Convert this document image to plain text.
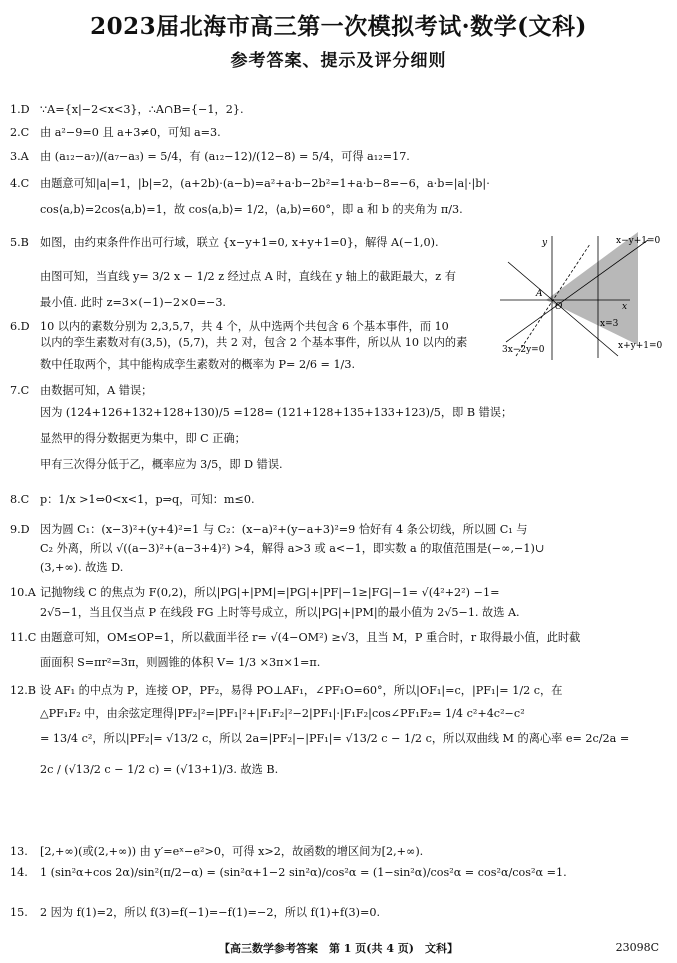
2023届北海市高三第一次模拟考试·数学(文科)
参考答案、提示及评分细则
1.D ∵A={x|−2<x<3}，∴A∩B={−1，2}.
2.C 由 a²−9=0 且 a+3≠0，可知 a=3.
3.A 由 (a₁₂−a₇)/(a₇−a₃) = 5/4，有 (a₁₂−12)/(12−8) = 5/4，可得 a₁₂=17.
4.C 由题意可知|a|=1，|b|=2，(a+2b)·(a−b)=a²+a·b−2b²=1+a·b−8=−6，a·b=|a|·|b|·
cos⟨a,b⟩=2cos⟨a,b⟩=1，故 cos⟨a,b⟩= 1/2，⟨a,b⟩=60°，即 a 和 b 的夹角为 π/3.
5.B 如图，由约束条件作出可行域，联立 {x−y+1=0, x+y+1=0}，解得 A(−1,0).
由图可知，当直线 y= 3/2 x − 1/2 z 经过点 A 时，直线在 y 轴上的截距最大，z 有
最小值. 此时 z=3×(−1)−2×0=−3.
6.D 10 以内的素数分别为 2,3,5,7，共 4 个，从中选两个共包含 6 个基本事件，而 10
以内的孪生素数对有(3,5)，(5,7)，共 2 对，包含 2 个基本事件，所以从 10 以内的素
数中任取两个，其中能构成孪生素数对的概率为 P= 2/6 = 1/3.
7.C 由数据可知，A 错误；
因为 (124+126+132+128+130)/5 =128= (121+128+135+133+123)/5，即 B 错误；
显然甲的得分数据更为集中，即 C 正确；
甲有三次得分低于乙，概率应为 3/5，即 D 错误.
8.C p：1/x >1⇔0<x<1，p⇒q，可知：m≤0.
9.D 因为圆 C₁：(x−3)²+(y+4)²=1 与 C₂：(x−a)²+(y−a+3)²=9 恰好有 4 条公切线，所以圆 C₁ 与
C₂ 外离，所以 √((a−3)²+(a−3+4)²) >4，解得 a>3 或 a<−1，即实数 a 的取值范围是(−∞,−1)∪
(3,+∞). 故选 D.
10.A 记抛物线 C 的焦点为 F(0,2)，所以|PG|+|PM|=|PG|+|PF|−1≥|FG|−1= √(4²+2²) −1=
2√5−1，当且仅当点 P 在线段 FG 上时等号成立，所以|PG|+|PM|的最小值为 2√5−1. 故选 A.
11.C 由题意可知，OM≤OP=1，所以截面半径 r= √(4−OM²) ≥√3，且当 M，P 重合时，r 取得最小值，此时截
面面积 S=πr²=3π，则圆锥的体积 V= 1/3 ×3π×1=π.
12.B 设 AF₁ 的中点为 P，连接 OP，PF₂，易得 PO⊥AF₁，∠PF₁O=60°，所以|OF₁|=c，|PF₁|= 1/2 c，在
△PF₁F₂ 中，由余弦定理得|PF₂|²=|PF₁|²+|F₁F₂|²−2|PF₁|·|F₁F₂|cos∠PF₁F₂= 1/4 c²+4c²−c²
= 13/4 c²，所以|PF₂|= √13/2 c，所以 2a=|PF₂|−|PF₁|= √13/2 c − 1/2 c，所以双曲线 M 的离心率 e= 2c/2a =
2c / (√13/2 c − 1/2 c) = (√13+1)/3. 故选 B.
13. [2,+∞)(或(2,+∞)) 由 y′=eˣ−e²>0，可得 x>2，故函数的增区间为[2,+∞).
14. 1 (sin²α+cos 2α)/sin²(π/2−α) = (sin²α+1−2 sin²α)/cos²α = (1−sin²α)/cos²α = cos²α/cos²α =1.
15. 2 因为 f(1)=2，所以 f(3)=f(−1)=−f(1)=−2，所以 f(1)+f(3)=0.
y	x−y+1=0
A
O	x
x=3
3x−2y=0	x+y+1=0
【高三数学参考答案　第 1 页(共 4 页)　文科】	23098C
